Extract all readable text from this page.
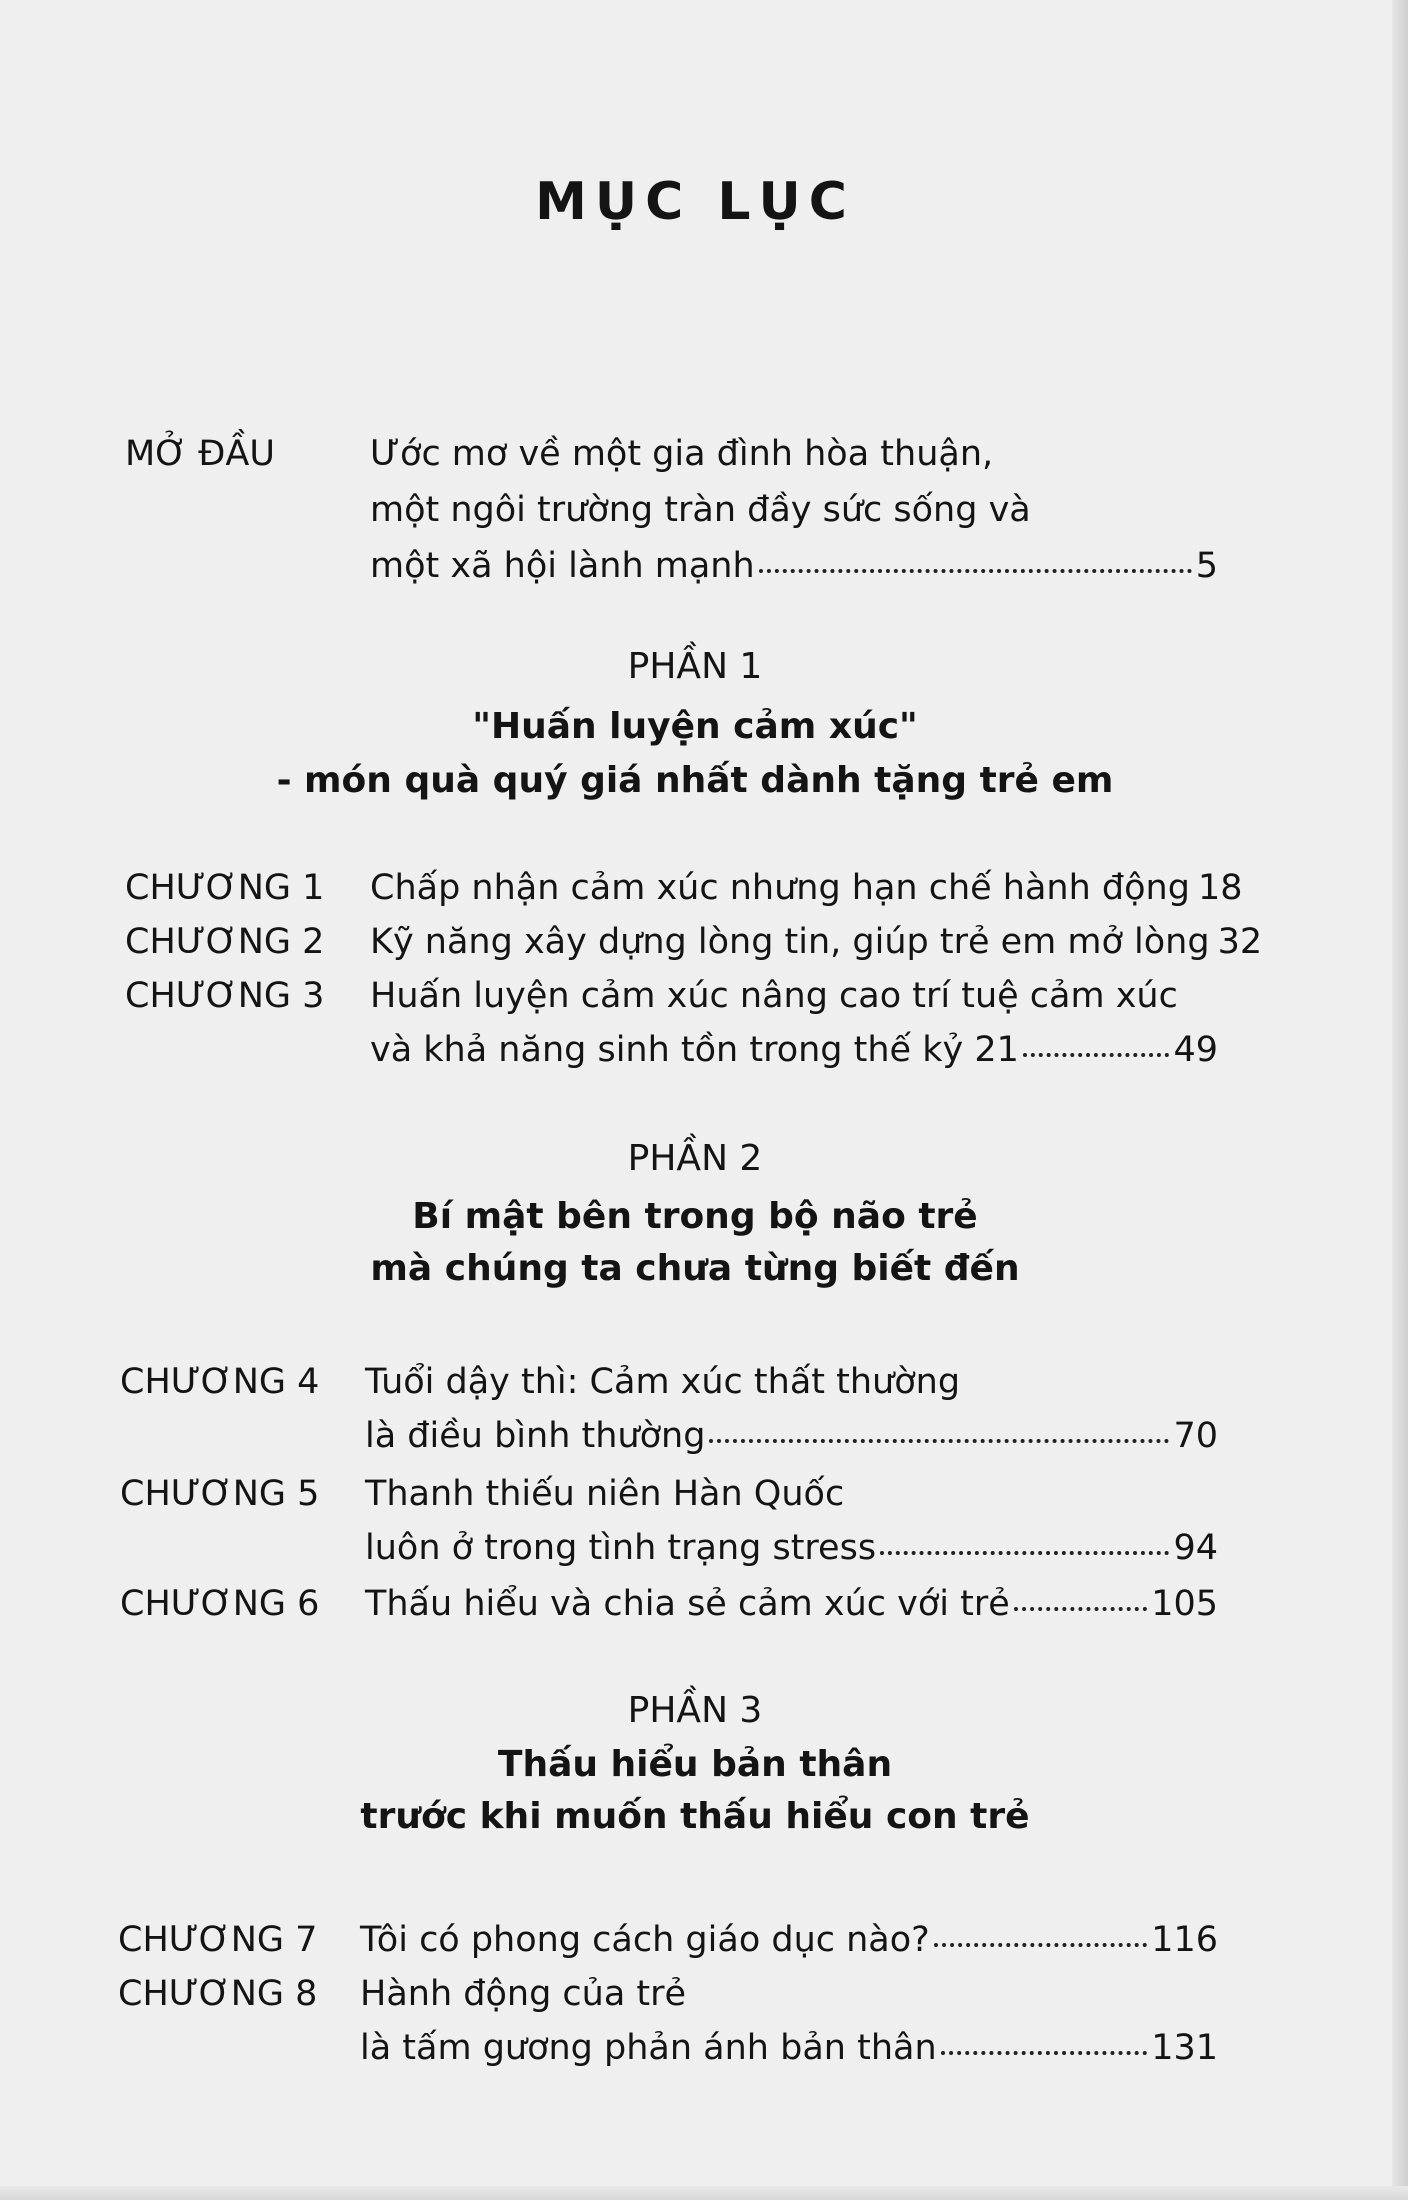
MỤC LỤC
MỞ ĐẦU	Ước mơ về một gia đình hòa thuận,
một ngôi trường tràn đầy sức sống và
một xã hội lành mạnh	5
PHẦN 1
"Huấn luyện cảm xúc"
- món quà quý giá nhất dành tặng trẻ em
CHƯƠNG 1 Chấp nhận cảm xúc nhưng hạn chế hành động 18
CHƯƠNG 2 Kỹ năng xây dựng lòng tin, giúp trẻ em mở lòng 32
CHƯƠNG 3 Huấn luyện cảm xúc nâng cao trí tuệ cảm xúc
và khả năng sinh tồn trong thế kỷ 21	49
PHẦN 2
Bí mật bên trong bộ não trẻ
mà chúng ta chưa từng biết đến
CHƯƠNG 4 Tuổi dậy thì: Cảm xúc thất thường
là điều bình thường	70
CHƯƠNG 5 Thanh thiếu niên Hàn Quốc
luôn ở trong tình trạng stress	94
CHƯƠNG 6 Thấu hiểu và chia sẻ cảm xúc với trẻ	105
PHẦN 3
Thấu hiểu bản thân
trước khi muốn thấu hiểu con trẻ
CHƯƠNG 7 Tôi có phong cách giáo dục nào?	116
CHƯƠNG 8 Hành động của trẻ
là tấm gương phản ánh bản thân	131
